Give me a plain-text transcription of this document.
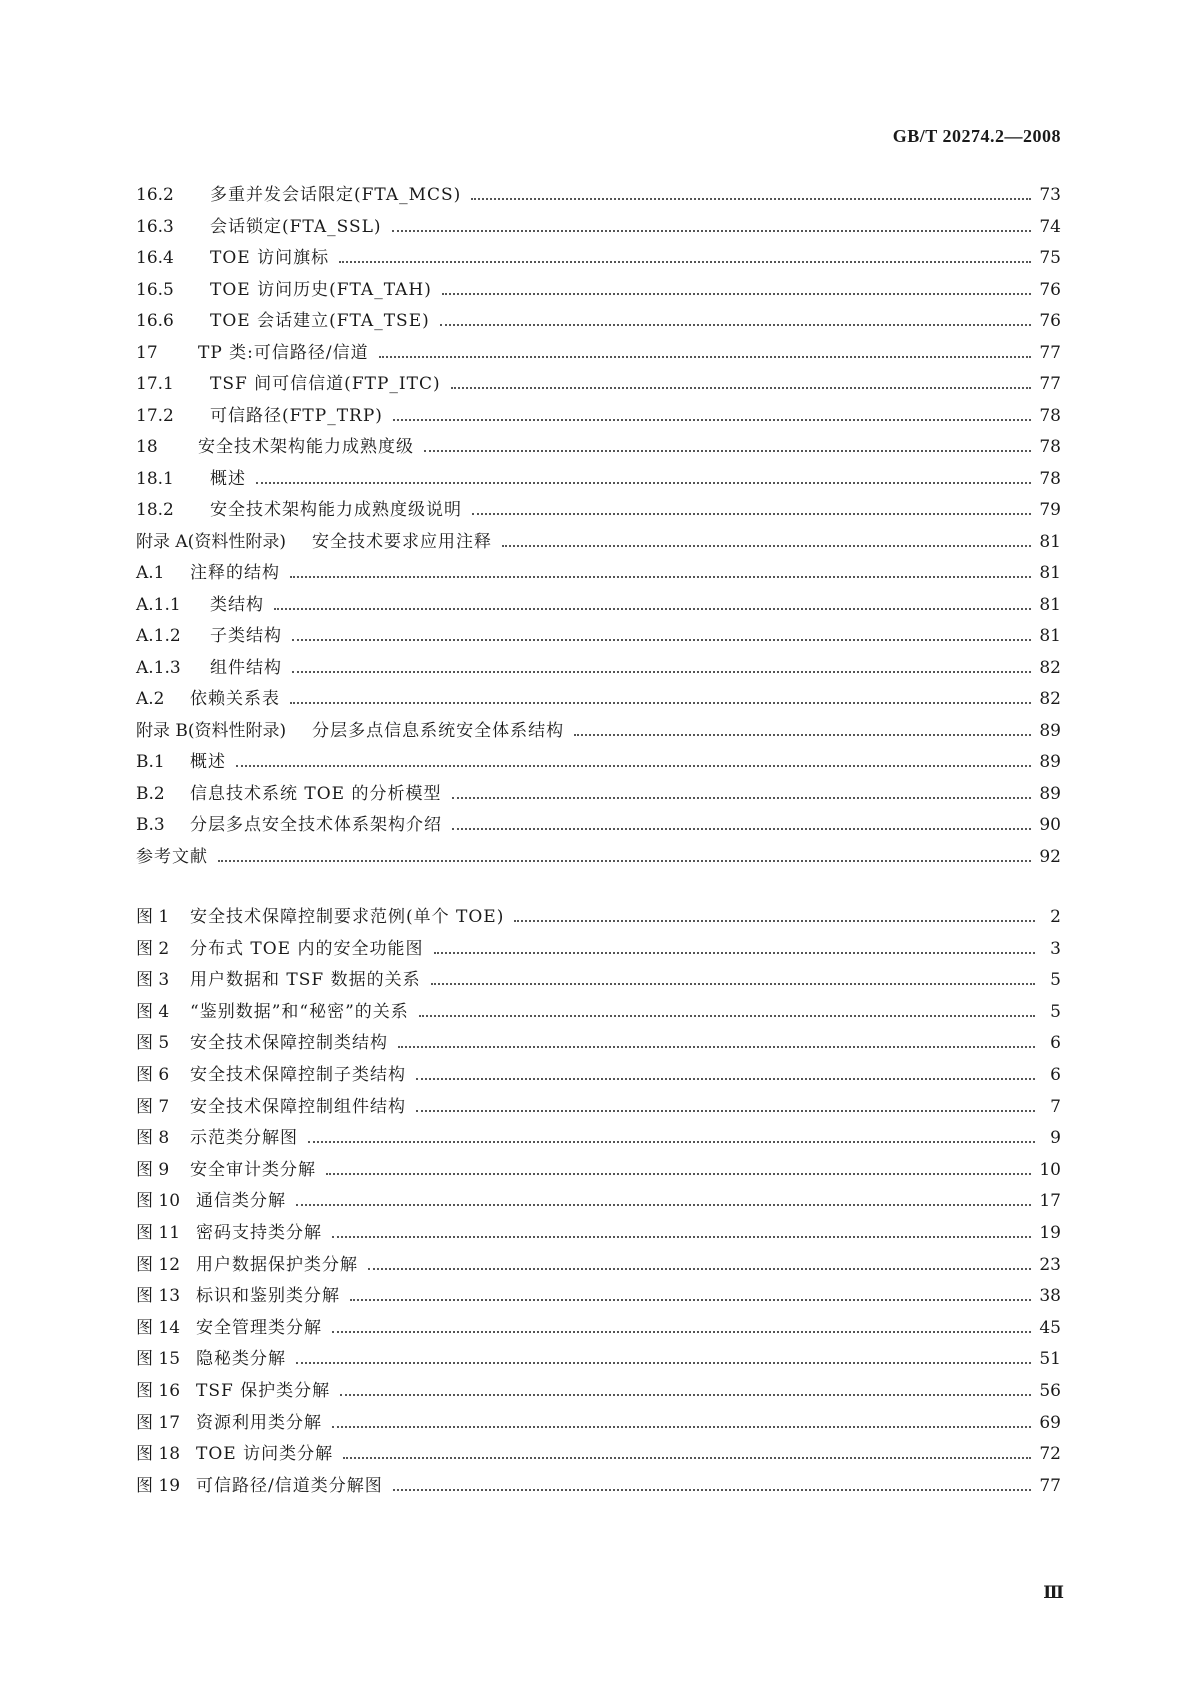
GB/T 20274.2—2008
16.2	多重并发会话限定(FTA_MCS)	73
16.3	会话锁定(FTA_SSL)	74
16.4	TOE 访问旗标	75
16.5	TOE 访问历史(FTA_TAH)	76
16.6	TOE 会话建立(FTA_TSE)	76
17	TP 类:可信路径/信道	77
17.1	TSF 间可信信道(FTP_ITC)	77
17.2	可信路径(FTP_TRP)	78
18	安全技术架构能力成熟度级	78
18.1	概述	78
18.2	安全技术架构能力成熟度级说明	79
附录 A(资料性附录) 安全技术要求应用注释	81
A.1	注释的结构	81
A.1.1	类结构	81
A.1.2	子类结构	81
A.1.3	组件结构	82
A.2	依赖关系表	82
附录 B(资料性附录) 分层多点信息系统安全体系结构	89
B.1	概述	89
B.2	信息技术系统 TOE 的分析模型	89
B.3	分层多点安全技术体系架构介绍	90
参考文献	92
图 1	安全技术保障控制要求范例(单个 TOE)	2
图 2	分布式 TOE 内的安全功能图	3
图 3	用户数据和 TSF 数据的关系	5
图 4	“鉴别数据”和“秘密”的关系	5
图 5	安全技术保障控制类结构	6
图 6	安全技术保障控制子类结构	6
图 7	安全技术保障控制组件结构	7
图 8	示范类分解图	9
图 9	安全审计类分解	10
图 10 通信类分解	17
图 11 密码支持类分解	19
图 12 用户数据保护类分解	23
图 13 标识和鉴别类分解	38
图 14 安全管理类分解	45
图 15 隐秘类分解	51
图 16 TSF 保护类分解	56
图 17 资源利用类分解	69
图 18 TOE 访问类分解	72
图 19 可信路径/信道类分解图	77
Ⅲ
